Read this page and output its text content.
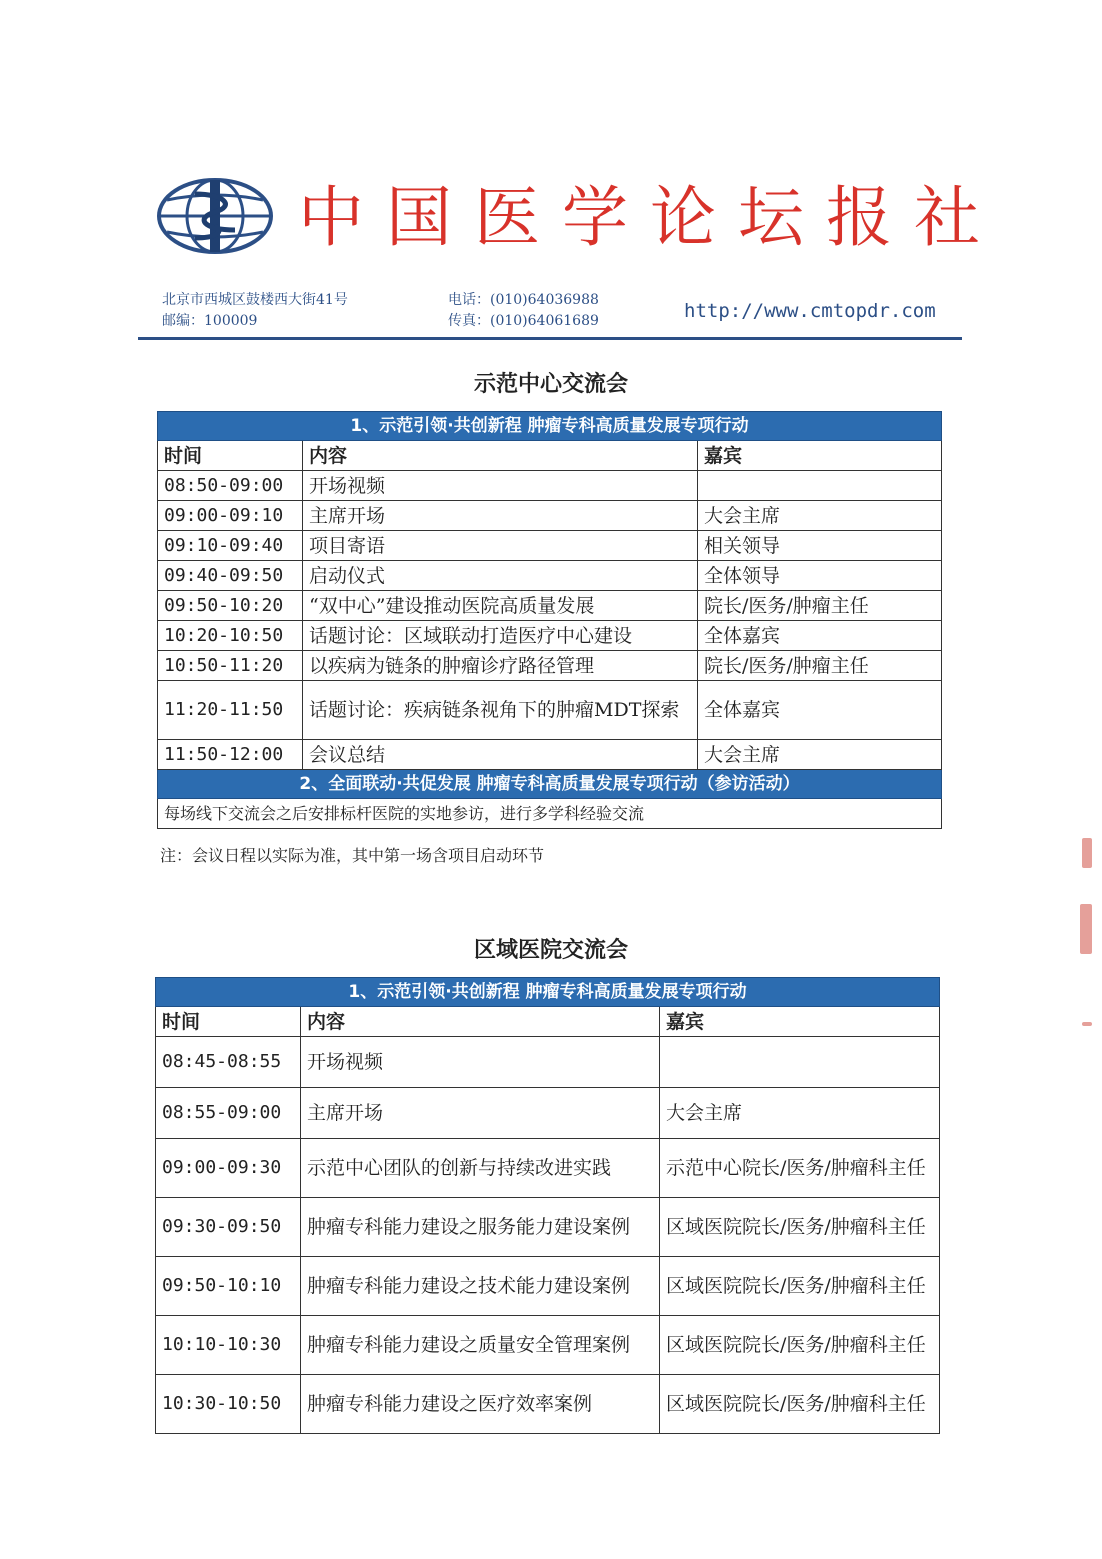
中国医学论坛报社
北京市西城区鼓楼西大街41号
邮编：100009
电话：(010)64036988
传真：(010)64061689	http://www.cmtopdr.com
示范中心交流会
1、示范引领·共创新程 肿瘤专科高质量发展专项行动		
时间	内容	嘉宾
08:50-09:00	开场视频	
09:00-09:10	主席开场	大会主席
09:10-09:40	项目寄语	相关领导
09:40-09:50	启动仪式	全体领导
09:50-10:20	“双中心”建设推动医院高质量发展	院长/医务/肿瘤主任
10:20-10:50	话题讨论：区域联动打造医疗中心建设	全体嘉宾
10:50-11:20	以疾病为链条的肿瘤诊疗路径管理	院长/医务/肿瘤主任
11:20-11:50	话题讨论：疾病链条视角下的肿瘤MDT探索	全体嘉宾
11:50-12:00	会议总结	大会主席
2、全面联动·共促发展 肿瘤专科高质量发展专项行动（参访活动）		
每场线下交流会之后安排标杆医院的实地参访，进行多学科经验交流		
注：会议日程以实际为准，其中第一场含项目启动环节
区域医院交流会
1、示范引领·共创新程 肿瘤专科高质量发展专项行动		
时间	内容	嘉宾
08:45-08:55	开场视频	
08:55-09:00	主席开场	大会主席
09:00-09:30	示范中心团队的创新与持续改进实践	示范中心院长/医务/肿瘤科主任
09:30-09:50	肿瘤专科能力建设之服务能力建设案例	区域医院院长/医务/肿瘤科主任
09:50-10:10	肿瘤专科能力建设之技术能力建设案例	区域医院院长/医务/肿瘤科主任
10:10-10:30	肿瘤专科能力建设之质量安全管理案例	区域医院院长/医务/肿瘤科主任
10:30-10:50	肿瘤专科能力建设之医疗效率案例	区域医院院长/医务/肿瘤科主任
